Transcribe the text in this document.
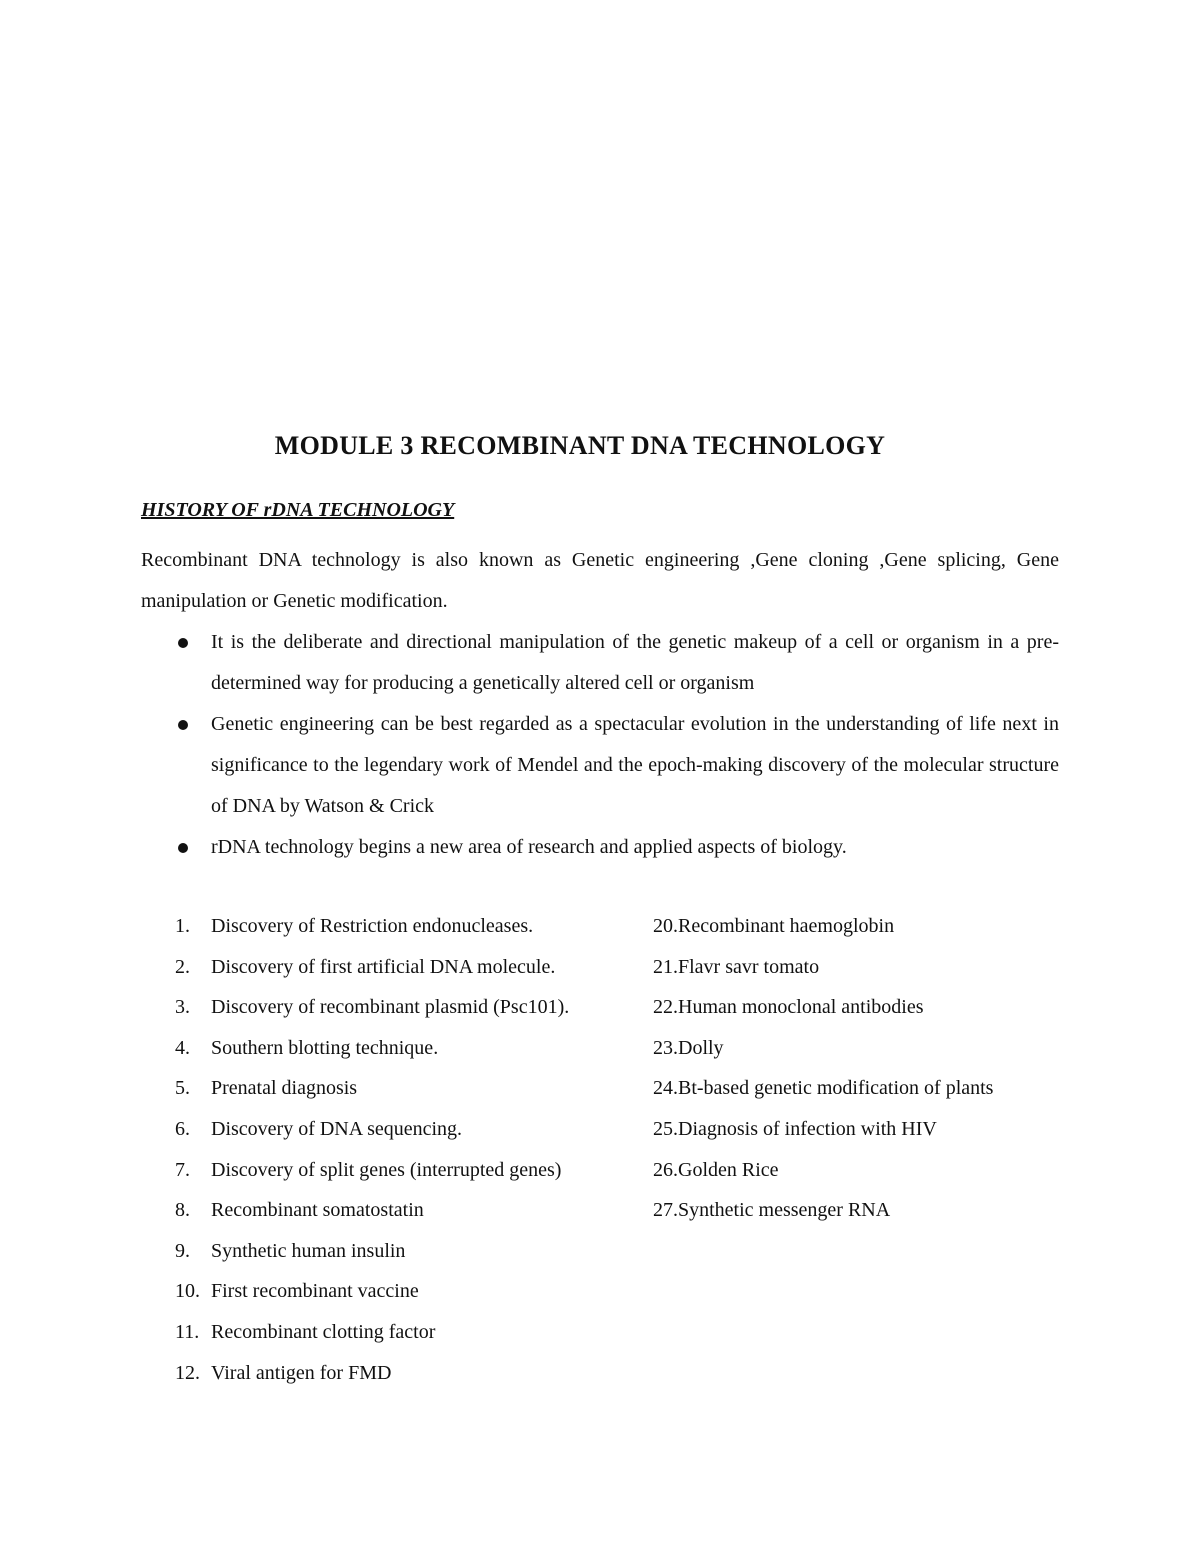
MODULE 3 RECOMBINANT DNA TECHNOLOGY
HISTORY OF rDNA TECHNOLOGY

Recombinant DNA technology is also known as Genetic engineering ,Gene cloning ,Gene splicing, Gene manipulation or Genetic modification.

It is the deliberate and directional manipulation of the genetic makeup of a cell or organism in a pre-determined way for producing a genetically altered cell or organism
Genetic engineering can be best regarded as a spectacular evolution in the understanding of life next in significance to the legendary work of Mendel and the epoch-making discovery of the molecular structure of DNA by Watson & Crick
rDNA technology begins a new area of research and applied aspects of biology.
1. Discovery of Restriction endonucleases.
2. Discovery of first artificial DNA molecule.
3. Discovery of recombinant plasmid (Psc101).
4. Southern blotting technique.
5. Prenatal diagnosis
6. Discovery of DNA sequencing.
7. Discovery of split genes (interrupted genes)
8. Recombinant somatostatin
9. Synthetic human insulin
10. First recombinant vaccine
11. Recombinant clotting factor
12. Viral antigen for FMD
20.Recombinant haemoglobin
21.Flavr savr tomato
22.Human monoclonal antibodies
23.Dolly
24.Bt-based genetic modification of plants
25.Diagnosis of infection with HIV
26.Golden Rice
27.Synthetic messenger RNA
